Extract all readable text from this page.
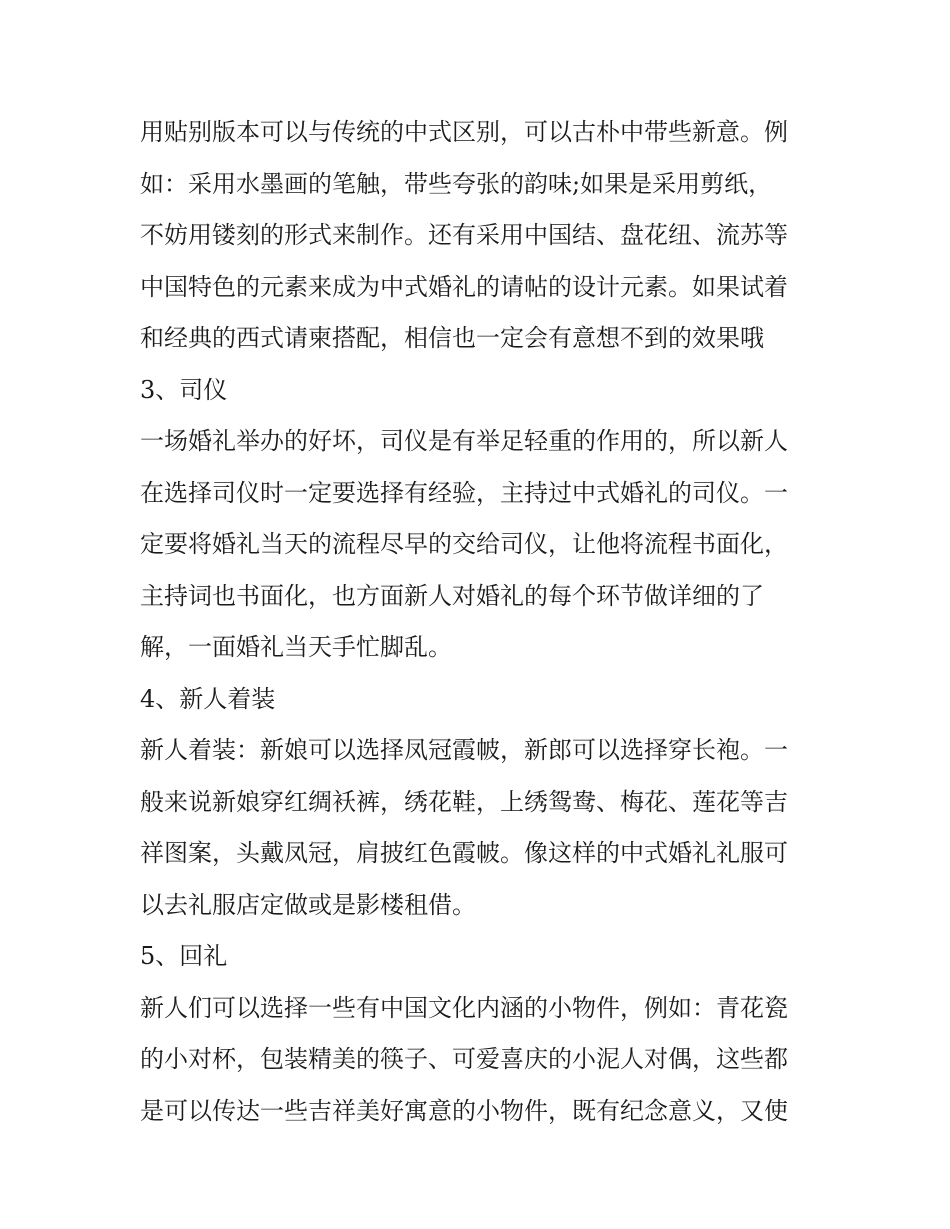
用贴别版本可以与传统的中式区别，可以古朴中带些新意。例
如：采用水墨画的笔触，带些夸张的韵味;如果是采用剪纸，
不妨用镂刻的形式来制作。还有采用中国结、盘花纽、流苏等
中国特色的元素来成为中式婚礼的请帖的设计元素。如果试着
和经典的西式请柬搭配，相信也一定会有意想不到的效果哦
3、司仪
一场婚礼举办的好坏，司仪是有举足轻重的作用的，所以新人
在选择司仪时一定要选择有经验，主持过中式婚礼的司仪。一
定要将婚礼当天的流程尽早的交给司仪，让他将流程书面化，
主持词也书面化，也方面新人对婚礼的每个环节做详细的了
解，一面婚礼当天手忙脚乱。
4、新人着装
新人着装：新娘可以选择凤冠霞帔，新郎可以选择穿长袍。一
般来说新娘穿红绸袄裤，绣花鞋，上绣鸳鸯、梅花、莲花等吉
祥图案，头戴凤冠，肩披红色霞帔。像这样的中式婚礼礼服可
以去礼服店定做或是影楼租借。
5、回礼
新人们可以选择一些有中国文化内涵的小物件，例如：青花瓷
的小对杯，包装精美的筷子、可爱喜庆的小泥人对偶，这些都
是可以传达一些吉祥美好寓意的小物件，既有纪念意义，又使
